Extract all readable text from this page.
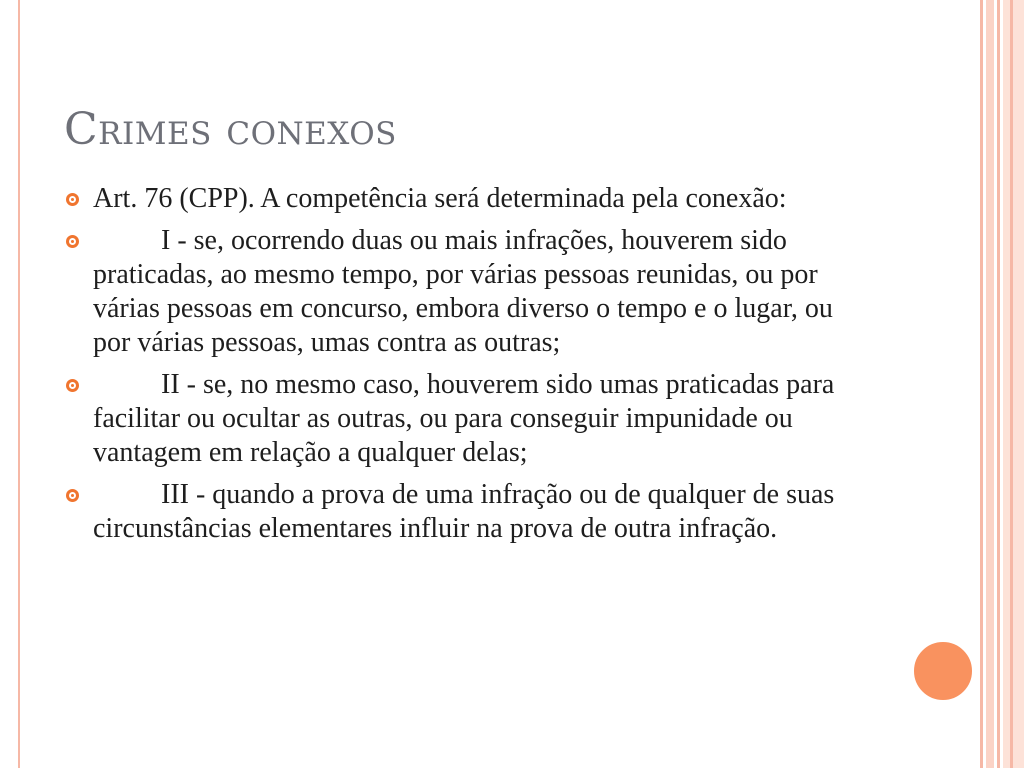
Crimes conexos
Art. 76 (CPP). A competência será determinada pela conexão:
I - se, ocorrendo duas ou mais infrações, houverem sido praticadas, ao mesmo tempo, por várias pessoas reunidas, ou por várias pessoas em concurso, embora diverso o tempo e o lugar, ou por várias pessoas, umas contra as outras;
II - se, no mesmo caso, houverem sido umas praticadas para facilitar ou ocultar as outras, ou para conseguir impunidade ou vantagem em relação a qualquer delas;
III - quando a prova de uma infração ou de qualquer de suas circunstâncias elementares influir na prova de outra infração.
